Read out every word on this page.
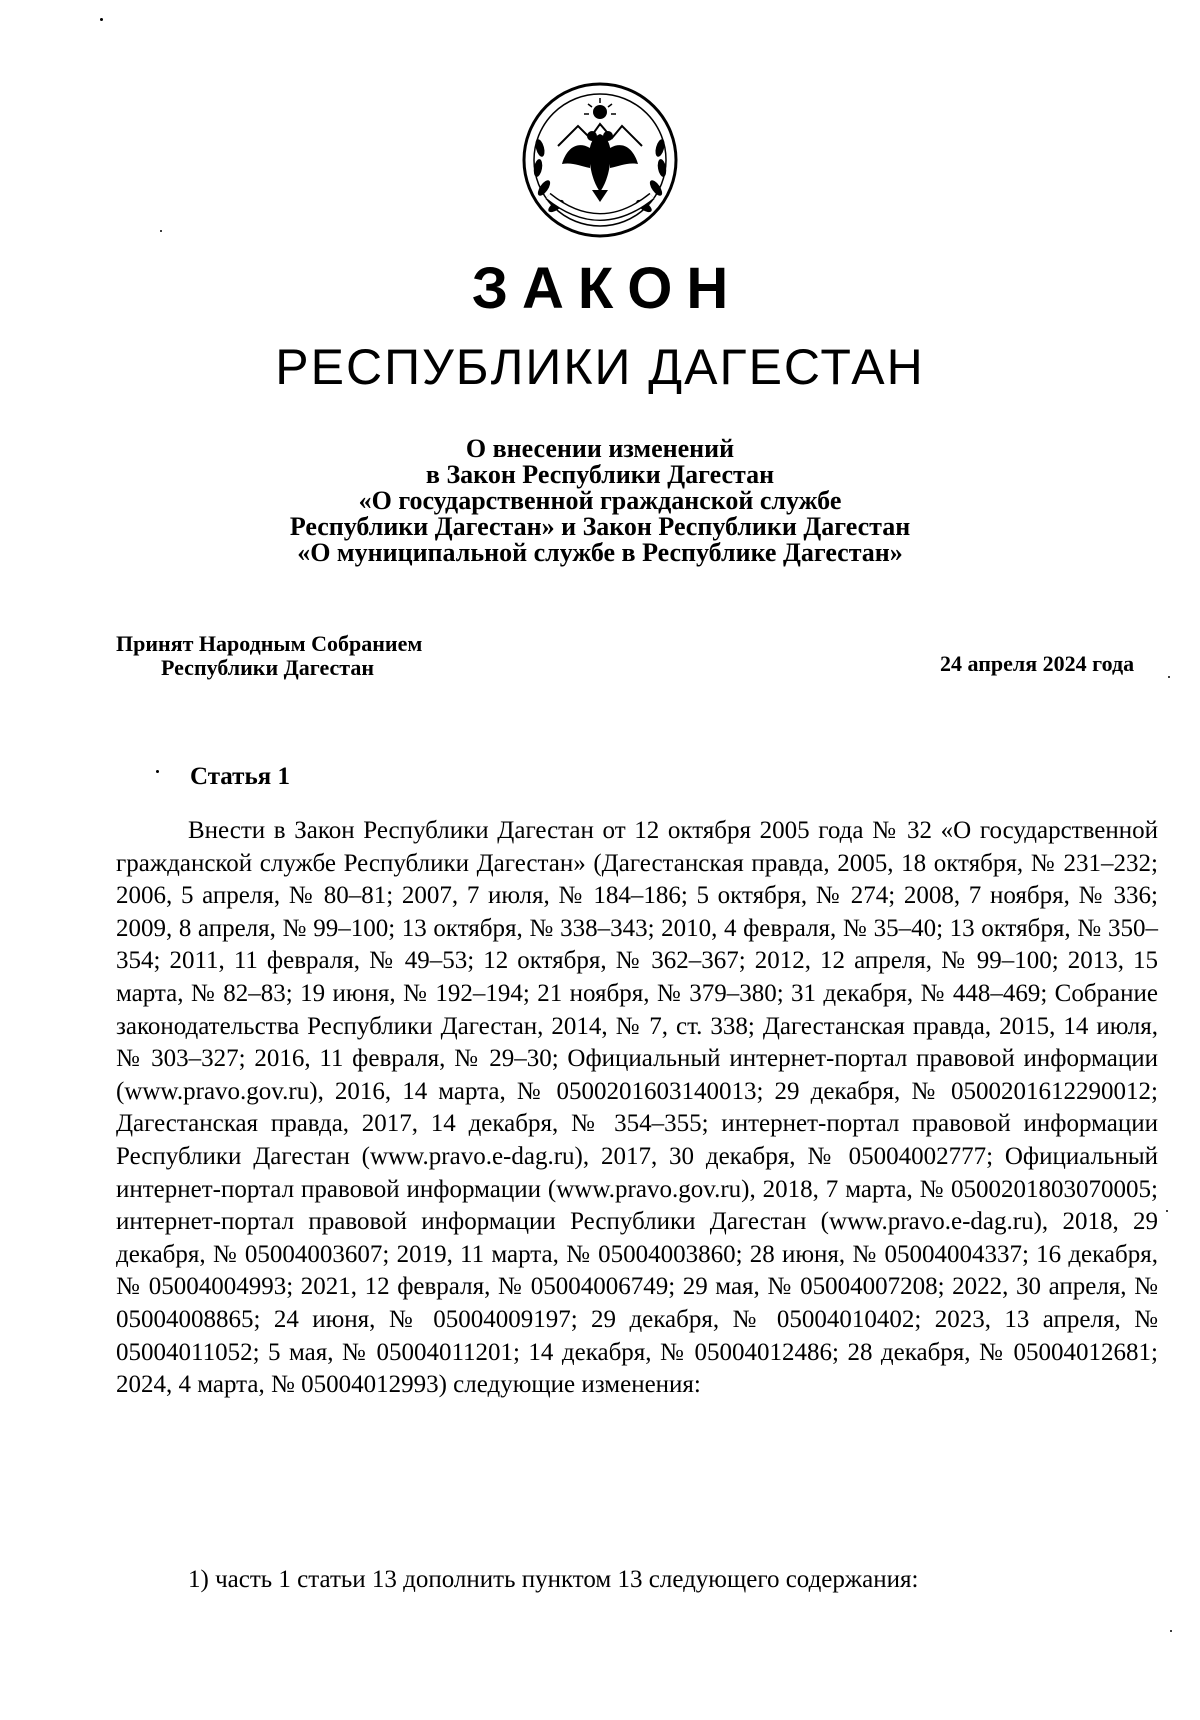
ЗАКОН
РЕСПУБЛИКИ ДАГЕСТАН
О внесении изменений
в Закон Республики Дагестан
«О государственной гражданской службе
Республики Дагестан» и Закон Республики Дагестан
«О муниципальной службе в Республике Дагестан»
Принят Народным Собранием
Республики Дагестан	24 апреля 2024 года
Статья 1

Внести в Закон Республики Дагестан от 12 октября 2005 года № 32 «О государственной гражданской службе Республики Дагестан» (Дагестанская правда, 2005, 18 октября, № 231–232; 2006, 5 апреля, № 80–81; 2007, 7 июля, № 184–186; 5 октября, № 274; 2008, 7 ноября, № 336; 2009, 8 апреля, № 99–100; 13 октября, № 338–343; 2010, 4 февраля, № 35–40; 13 октября, № 350–354; 2011, 11 февраля, № 49–53; 12 октября, № 362–367; 2012, 12 апреля, № 99–100; 2013, 15 марта, № 82–83; 19 июня, № 192–194; 21 ноября, № 379–380; 31 декабря, № 448–469; Собрание законодательства Республики Дагестан, 2014, № 7, ст. 338; Дагестанская правда, 2015, 14 июля, № 303–327; 2016, 11 февраля, № 29–30; Официальный интернет-портал правовой информации (www.pravo.gov.ru), 2016, 14 марта, № 0500201603140013; 29 декабря, № 0500201612290012; Дагестанская правда, 2017, 14 декабря, № 354–355; интернет-портал правовой информации Республики Дагестан (www.pravo.e-dag.ru), 2017, 30 декабря, № 05004002777; Официальный интернет-портал правовой информации (www.pravo.gov.ru), 2018, 7 марта, № 0500201803070005; интернет-портал правовой информации Республики Дагестан (www.pravo.e-dag.ru), 2018, 29 декабря, № 05004003607; 2019, 11 марта, № 05004003860; 28 июня, № 05004004337; 16 декабря, № 05004004993; 2021, 12 февраля, № 05004006749; 29 мая, № 05004007208; 2022, 30 апреля, № 05004008865; 24 июня, № 05004009197; 29 декабря, № 05004010402; 2023, 13 апреля, № 05004011052; 5 мая, № 05004011201; 14 декабря, № 05004012486; 28 декабря, № 05004012681; 2024, 4 марта, № 05004012993) следующие изменения:

1) часть 1 статьи 13 дополнить пунктом 13 следующего содержания:
